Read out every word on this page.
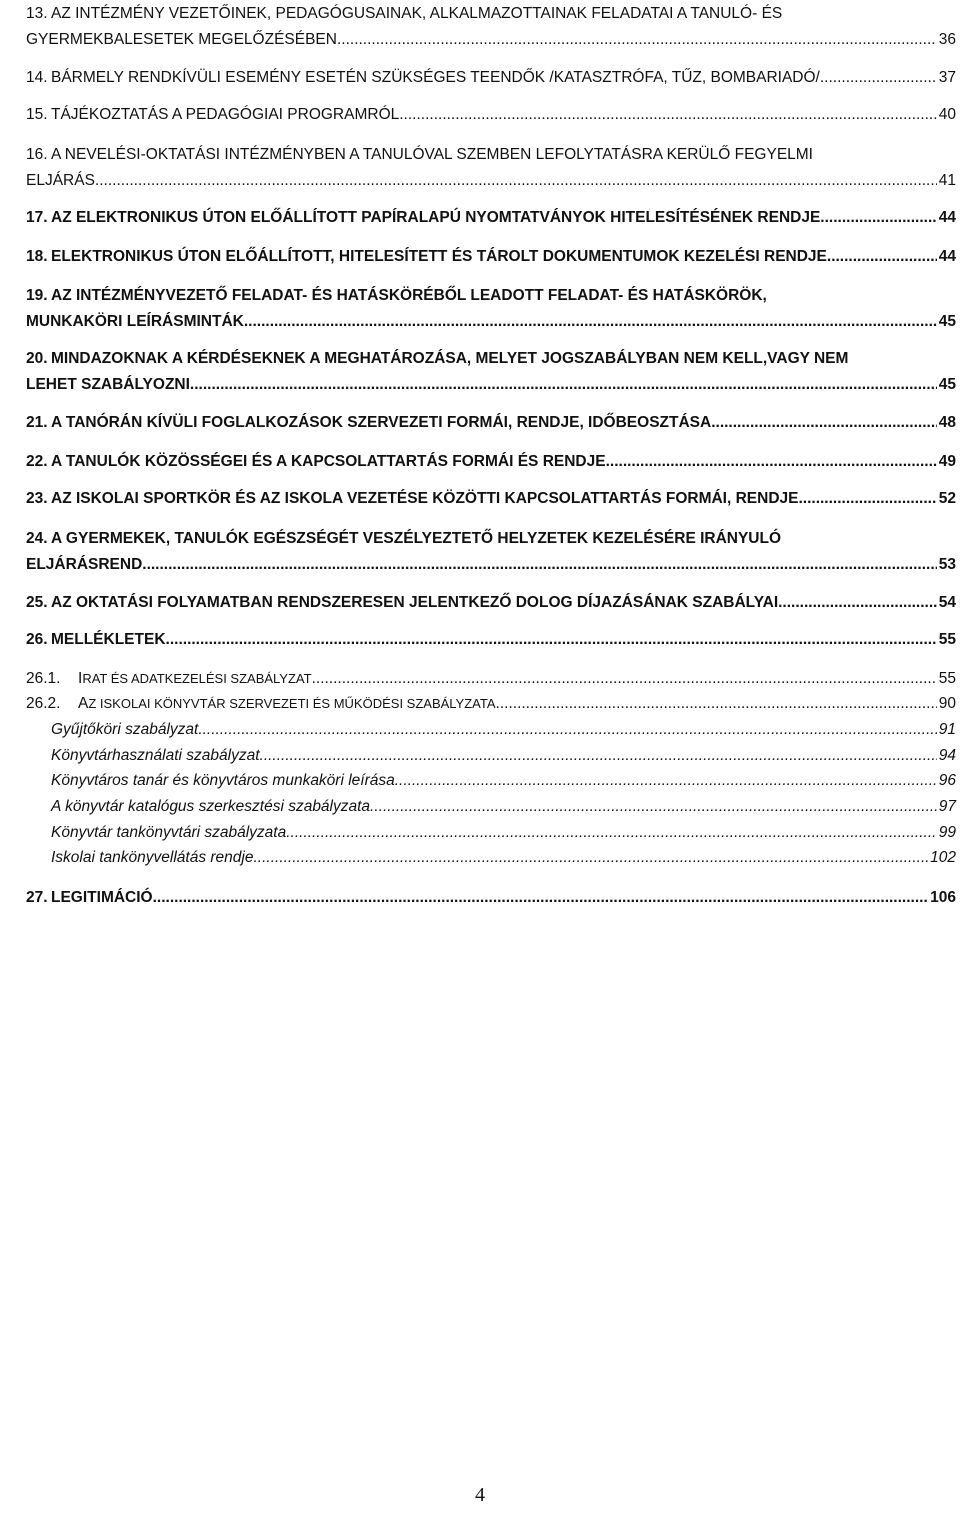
13. AZ INTÉZMÉNY VEZETŐINEK, PEDAGÓGUSAINAK, ALKALMAZOTTAINAK FELADATAI A TANULÓ- ÉS
GYERMEKBALESETEK MEGELŐZÉSÉBEN .....	36
14. BÁRMELY RENDKÍVÜLI ESEMÉNY ESETÉN SZÜKSÉGES TEENDŐK /KATASZTRÓFA, TŰZ, BOMBARIADÓ/ .....	37
15. TÁJÉKOZTATÁS A PEDAGÓGIAI PROGRAMRÓL .....	40
16. A NEVELÉSI-OKTATÁSI INTÉZMÉNYBEN A TANULÓVAL SZEMBEN LEFOLYTATÁSRA KERÜLŐ FEGYELMI
ELJÁRÁS .....	41
17. AZ ELEKTRONIKUS ÚTON ELŐÁLLÍTOTT PAPÍRALAPÚ NYOMTATVÁNYOK HITELESÍTÉSÉNEK RENDJE .....	44
18. ELEKTRONIKUS ÚTON ELŐÁLLÍTOTT, HITELESÍTETT ÉS TÁROLT DOKUMENTUMOK KEZELÉSI RENDJE .....	44
19. AZ INTÉZMÉNYVEZETŐ FELADAT- ÉS HATÁSKÖRÉBŐL LEADOTT FELADAT- ÉS HATÁSKÖRÖK,
MUNKAKÖRI LEÍRÁSMINTÁK .....	45
20. MINDAZOKNAK A KÉRDÉSEKNEK A MEGHATÁROZÁSA, MELYET JOGSZABÁLYBAN NEM KELL,VAGY NEM
LEHET SZABÁLYOZNI .....	45
21. A TANÓRÁN KÍVÜLI FOGLALKOZÁSOK SZERVEZETI FORMÁI, RENDJE, IDŐBEOSZTÁSA .....	48
22. A TANULÓK KÖZÖSSÉGEI ÉS A KAPCSOLATTARTÁS FORMÁI ÉS RENDJE .....	49
23. AZ ISKOLAI SPORTKÖR ÉS AZ ISKOLA VEZETÉSE KÖZÖTTI KAPCSOLATTARTÁS FORMÁI, RENDJE .....	52
24. A GYERMEKEK, TANULÓK EGÉSZSÉGÉT VESZÉLYEZTETŐ HELYZETEK KEZELÉSÉRE IRÁNYULÓ
ELJÁRÁSREND .....	53
25. AZ OKTATÁSI FOLYAMATBAN RENDSZERESEN JELENTKEZŐ DOLOG DÍJAZÁSÁNAK SZABÁLYAI .....	54
26. MELLÉKLETEK .....	55
26.1.	I RAT ÉS ADATKEZELÉSI SZABÁLYZAT .....	55
26.2.	A Z ISKOLAI KÖNYVTÁR SZERVEZETI ÉS MŰKÖDÉSI SZABÁLYZATA .....	90
Gyűjtőköri szabályzat .....	91
Könyvtárhasználati szabályzat .....	94
Könyvtáros tanár és könyvtáros munkaköri leírása .....	96
A könyvtár katalógus szerkesztési szabályzata .....	97
Könyvtár tankönyvtári szabályzata .....	99
Iskolai tankönyvellátás rendje .....	102
27. LEGITIMÁCIÓ .....	106
4
